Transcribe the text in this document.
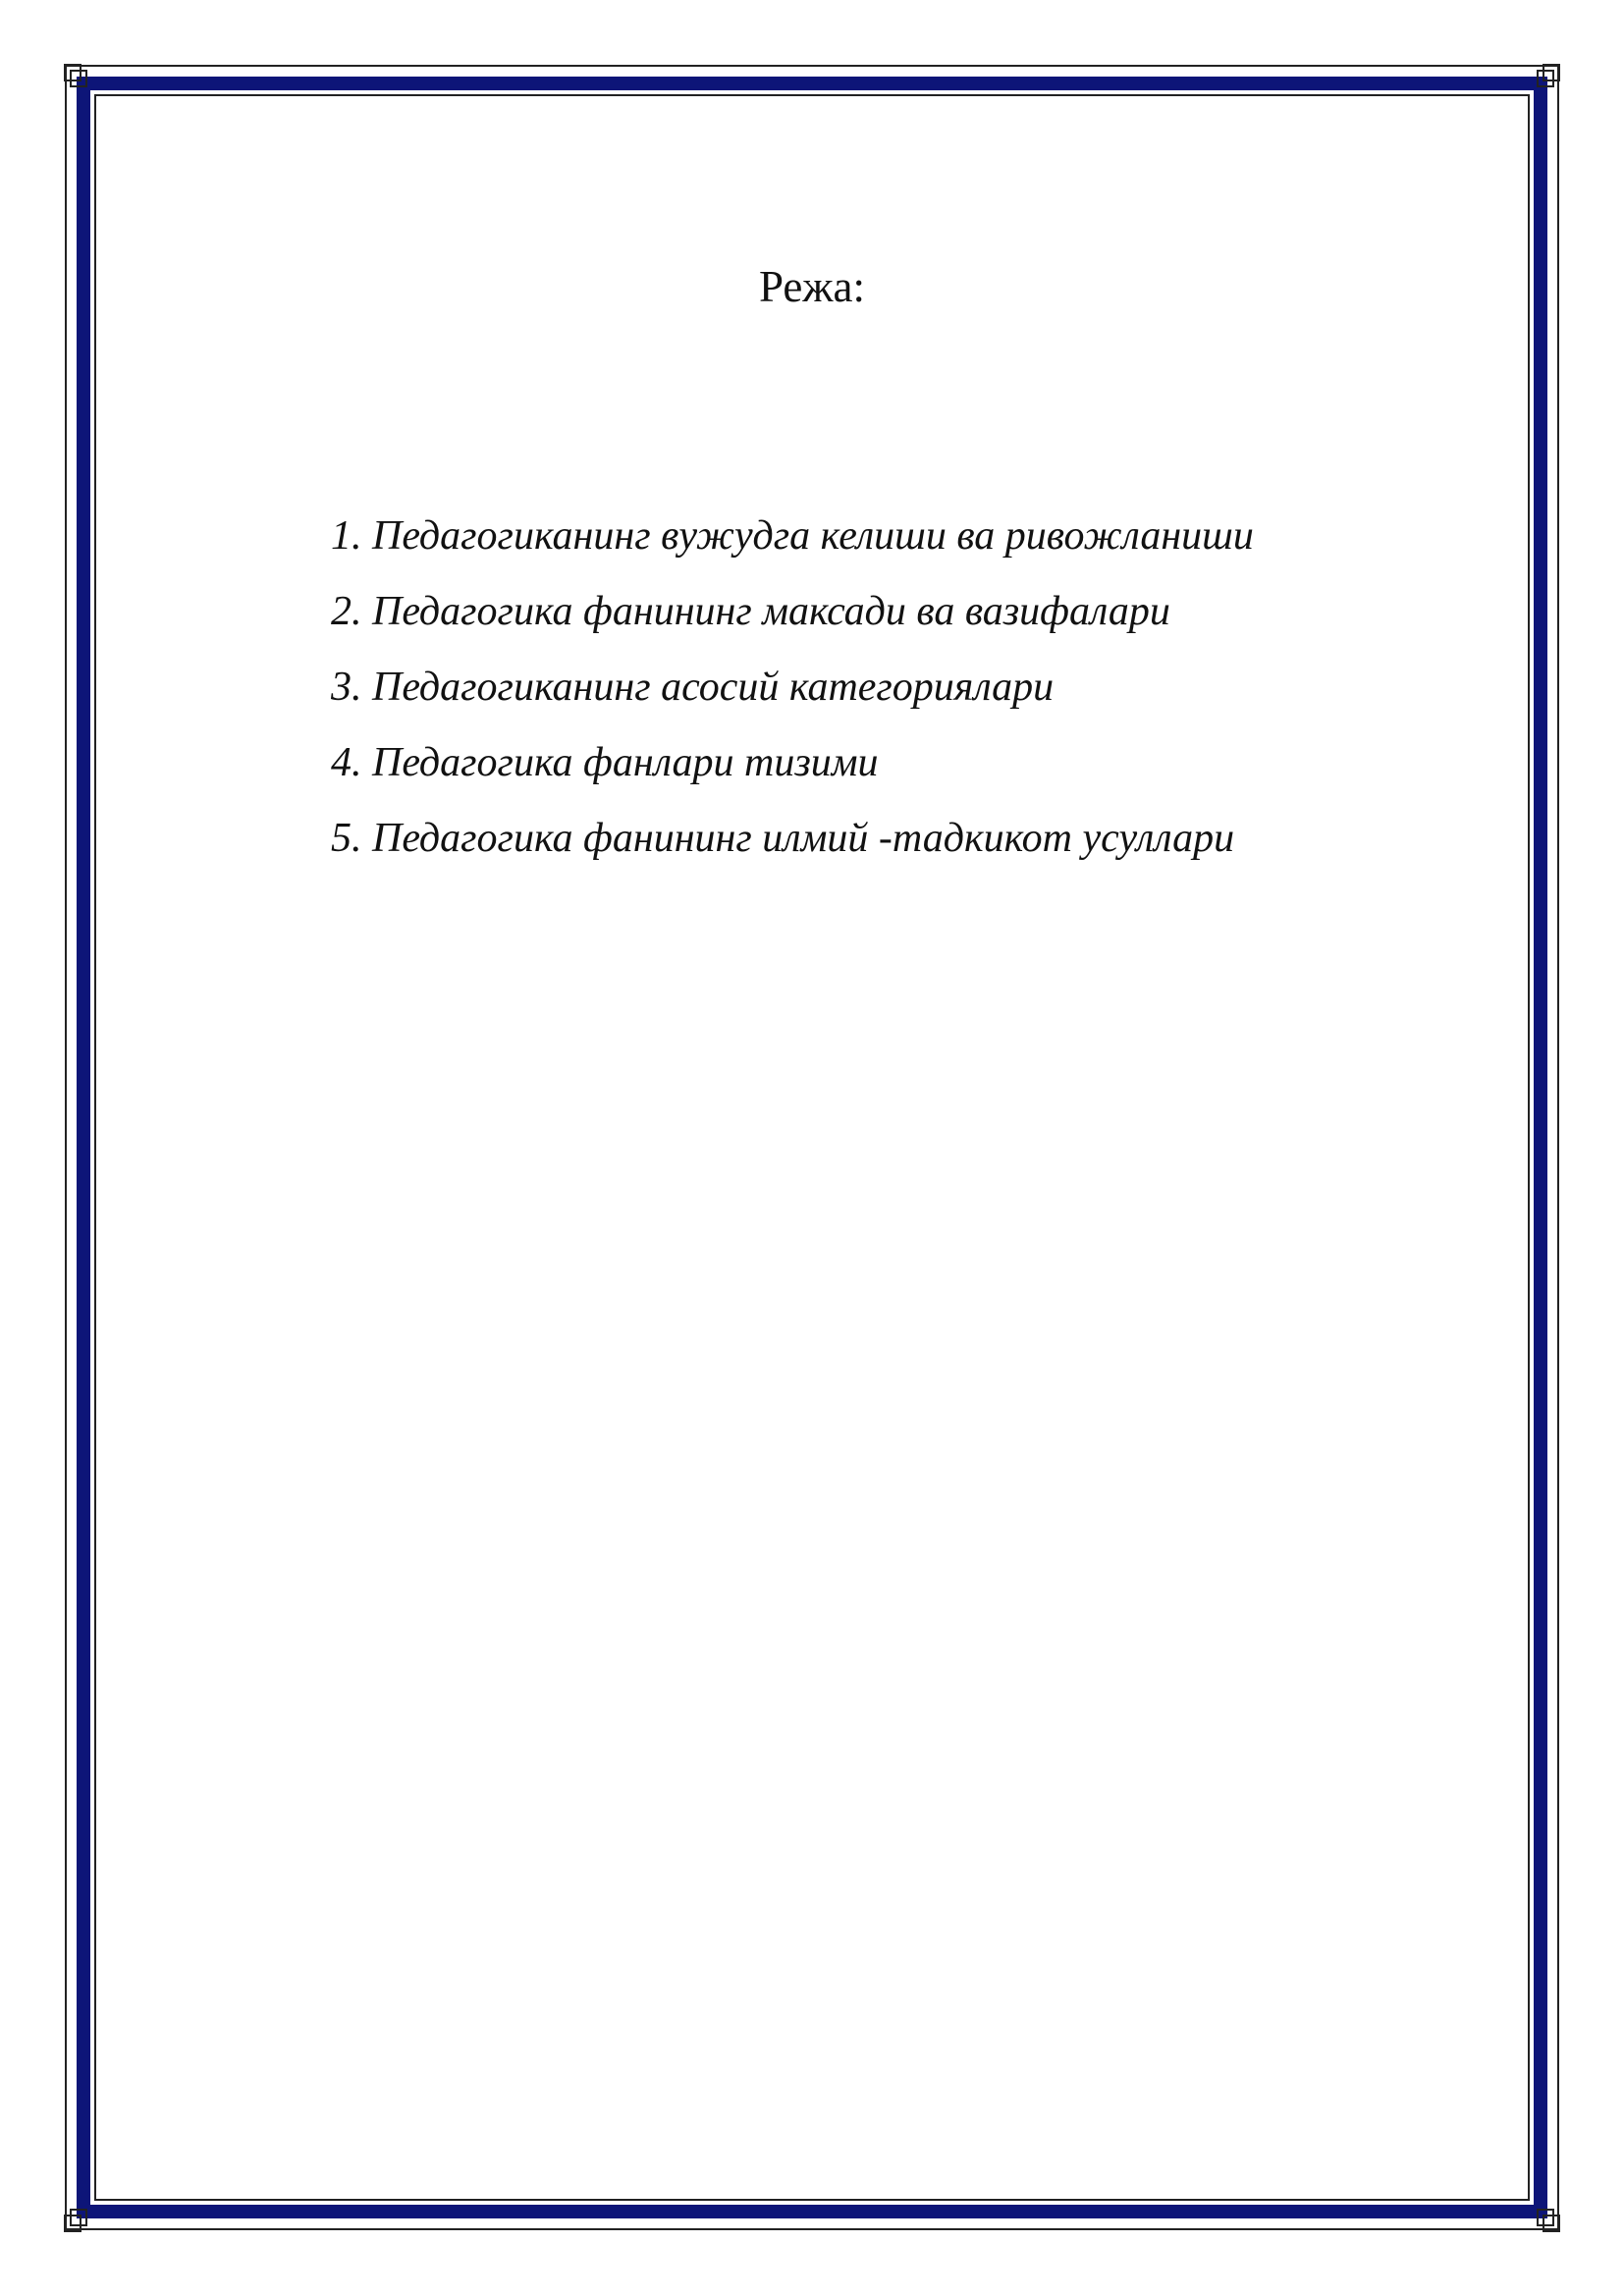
Режа:
1. Педагогиканинг вужудга келиши ва ривожланиши
2. Педагогика фанининг максади ва вазифалари
3. Педагогиканинг асосий категориялари
4. Педагогика фанлари тизими
5. Педагогика фанининг илмий -тадкикот усуллари
